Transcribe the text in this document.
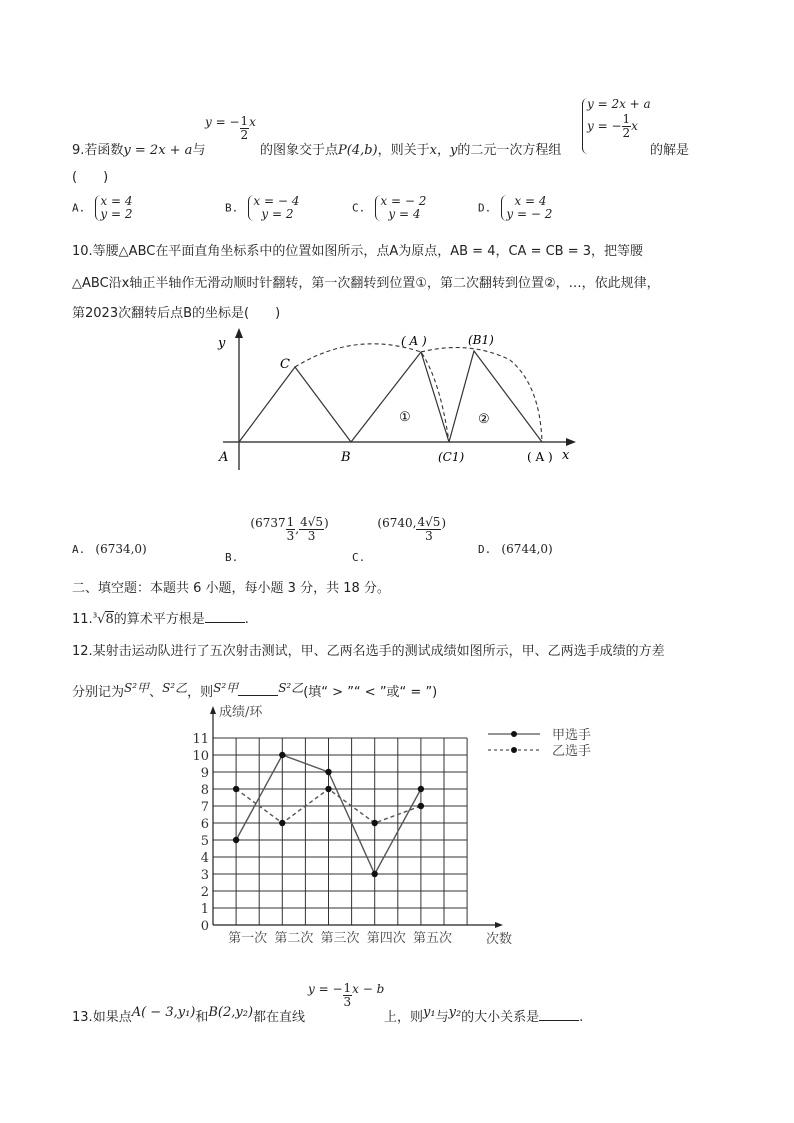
9.若函数y = 2x + a与
y = − $\frac{1}{2}$ x
的图象交于点P(4,b)，则关于x，y的二元一次方程组
y = 2x + a
y = − $\frac{1}{2}$ x
的解是
(　　)
A. x = 4
y = 2	B. x = − 4
y = 2	C. x = − 2
y = 4	D.	x = 4
y = − 2
10.等腰△ABC在平面直角坐标系中的位置如图所示，点A为原点，AB = 4，CA = CB = 3，把等腰
△ABC沿x轴正半轴作无滑动顺时针翻转，第一次翻转到位置①，第二次翻转到位置②，…，依此规律，
第2023次翻转后点B的坐标是(　　)
y
x
A	B
C
( A )	(B1)
(C1)	( A )
①	②
A. (6734,0)
$_{B.}$ ($6737 \frac{1}{3}$ , $\frac{4√5}{3}$ )
$_{C.}$ (6740, $\frac{4√5}{3}$ )
D. (6744,0)
二、填空题：本题共 6 小题，每小题 3 分，共 18 分。
11.$^3$√8的算术平方根是	.
12.某射击运动队进行了五次射击测试，甲、乙两名选手的测试成绩如图所示，甲、乙两选手成绩的方差
分别记为S²甲、S²乙，则S²甲	S²乙(填“ > ”“ < ”或“ = ”)
0
1
2
3
4
5
6
7
8
9
10
11
成绩/环
次数
第一次 第二次 第三次 第四次 第五次
甲选手
乙选手
13.如果点A( − 3,y₁)和B(2,y₂)都在直线
y = − $\frac{1}{3}$ x − b
上，则y₁与y₂的大小关系是	.
